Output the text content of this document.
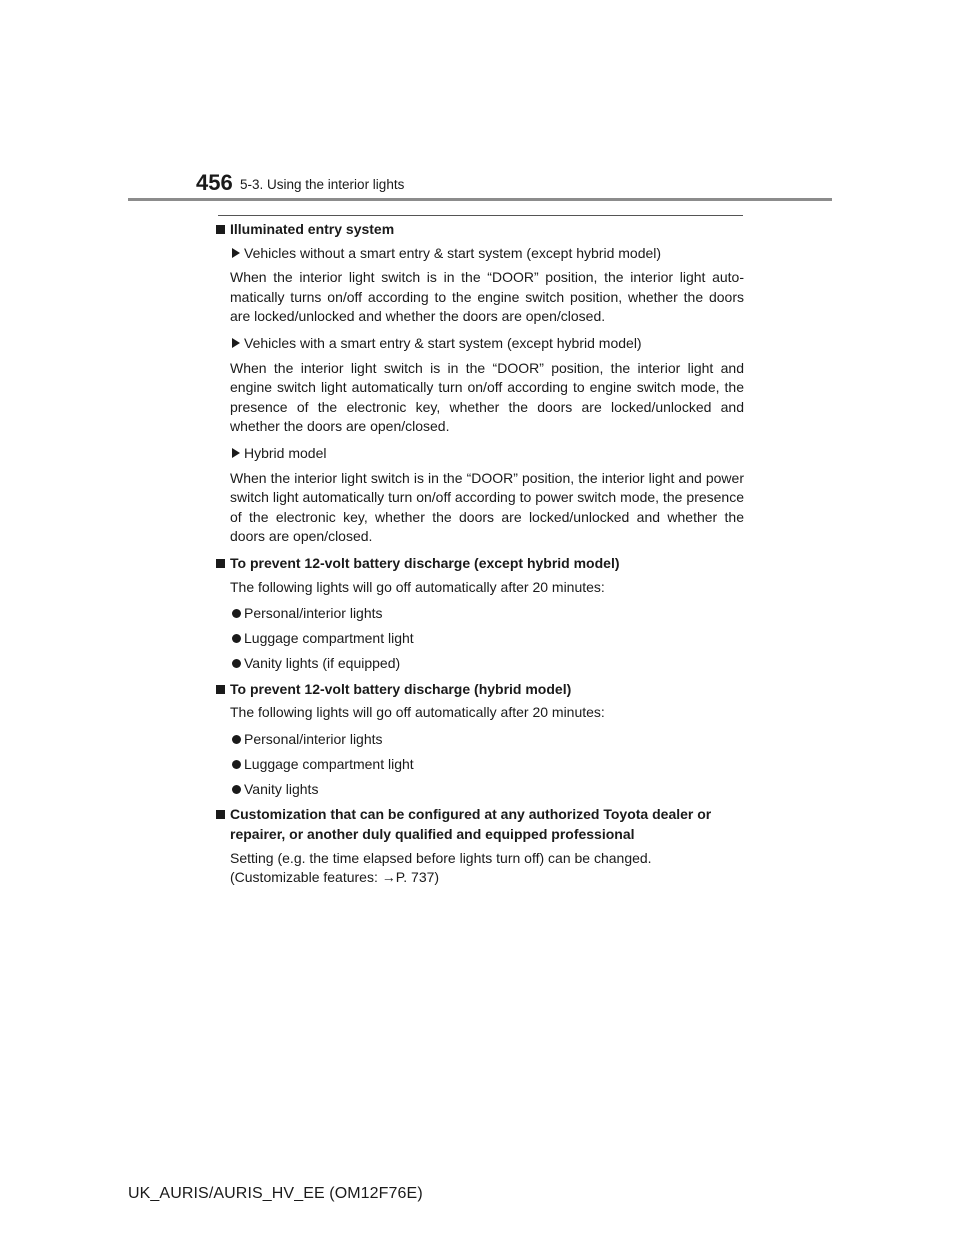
456 5-3. Using the interior lights
Illuminated entry system
Vehicles without a smart entry & start system (except hybrid model)

When the interior light switch is in the “DOOR” position, the interior light auto-matically turns on/off according to the engine switch position, whether the doors are locked/unlocked and whether the doors are open/closed.

Vehicles with a smart entry & start system (except hybrid model)

When the interior light switch is in the “DOOR” position, the interior light and engine switch light automatically turn on/off according to engine switch mode, the presence of the electronic key, whether the doors are locked/unlocked and whether the doors are open/closed.

Hybrid model

When the interior light switch is in the “DOOR” position, the interior light and power switch light automatically turn on/off according to power switch mode, the presence of the electronic key, whether the doors are locked/unlocked and whether the doors are open/closed.

To prevent 12-volt battery discharge (except hybrid model)

The following lights will go off automatically after 20 minutes:

Personal/interior lights
Luggage compartment light
Vanity lights (if equipped)
To prevent 12-volt battery discharge (hybrid model)

The following lights will go off automatically after 20 minutes:

Personal/interior lights
Luggage compartment light
Vanity lights
Customization that can be configured at any authorized Toyota dealer or repairer, or another duly qualified and equipped professional

Setting (e.g. the time elapsed before lights turn off) can be changed.

(Customizable features: →P. 737)

UK_AURIS/AURIS_HV_EE (OM12F76E)
